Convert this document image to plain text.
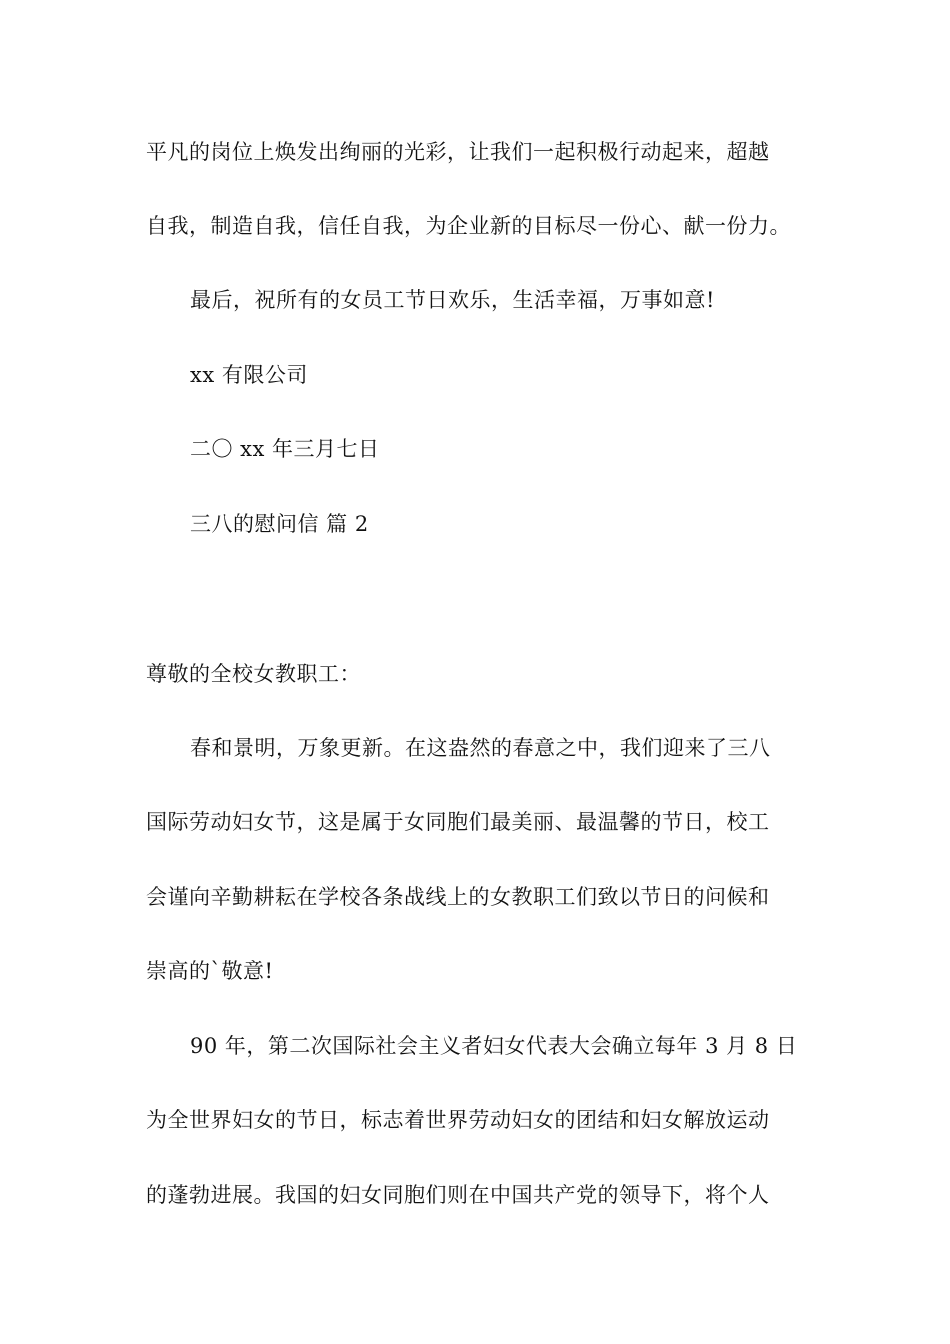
平凡的岗位上焕发出绚丽的光彩，让我们一起积极行动起来，超越
自我，制造自我，信任自我，为企业新的目标尽一份心、献一份力。
最后，祝所有的女员工节日欢乐，生活幸福，万事如意!
xx 有限公司
二〇 xx 年三月七日
三八的慰问信 篇 2
尊敬的全校女教职工：
春和景明，万象更新。在这盎然的春意之中，我们迎来了三八
国际劳动妇女节，这是属于女同胞们最美丽、最温馨的节日，校工
会谨向辛勤耕耘在学校各条战线上的女教职工们致以节日的问候和
崇高的`敬意!
90 年，第二次国际社会主义者妇女代表大会确立每年 3 月 8 日
为全世界妇女的节日，标志着世界劳动妇女的团结和妇女解放运动
的蓬勃进展。我国的妇女同胞们则在中国共产党的领导下，将个人
